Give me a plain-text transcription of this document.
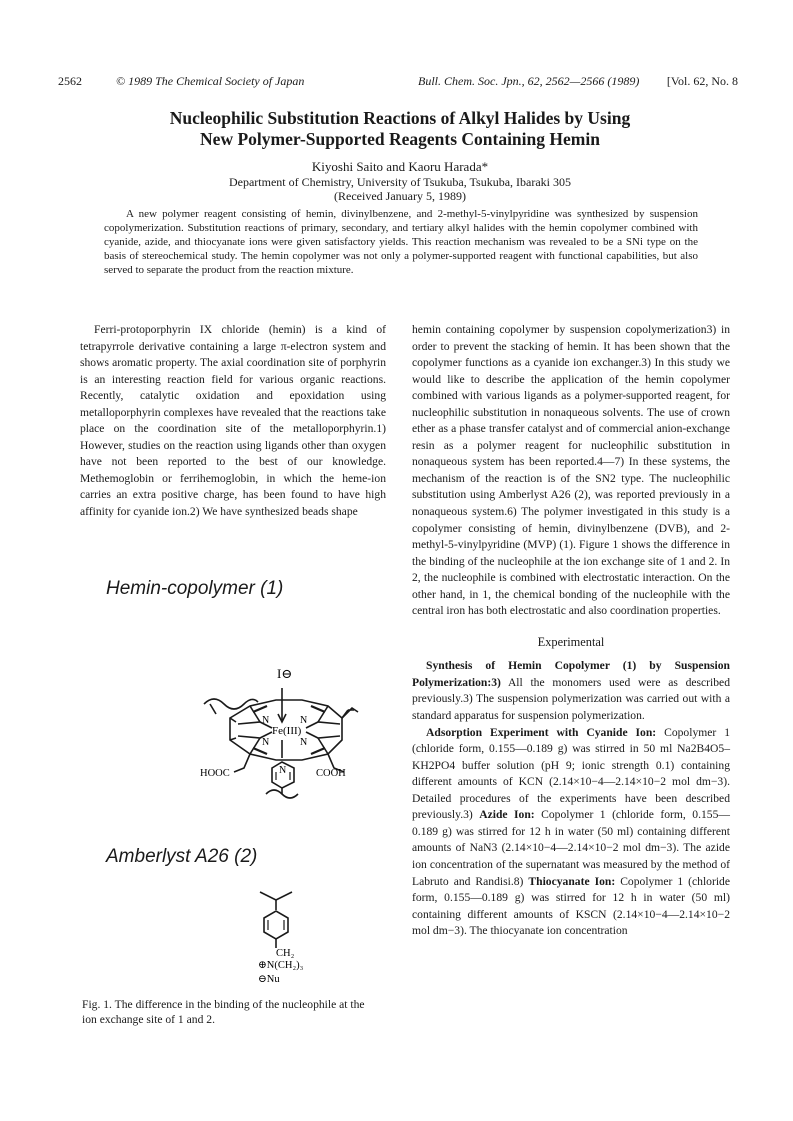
2562	© 1989 The Chemical Society of Japan	Bull. Chem. Soc. Jpn., 62, 2562—2566 (1989) [Vol. 62, No. 8
Nucleophilic Substitution Reactions of Alkyl Halides by Using
New Polymer-Supported Reagents Containing Hemin
Kiyoshi Saito and Kaoru Harada*
Department of Chemistry, University of Tsukuba, Tsukuba, Ibaraki 305
(Received January 5, 1989)
A new polymer reagent consisting of hemin, divinylbenzene, and 2-methyl-5-vinylpyridine was synthesized by suspension copolymerization. Substitution reactions of primary, secondary, and tertiary alkyl halides with the hemin copolymer combined with cyanide, azide, and thiocyanate ions were given satisfactory yields. This reaction mechanism was revealed to be a SNi type on the basis of stereochemical study. The hemin copolymer was not only a polymer-supported reagent with functional capabilities, but also served to separate the product from the reaction mixture.
Ferri-protoporphyrin IX chloride (hemin) is a kind of tetrapyrrole derivative containing a large π-electron system and shows aromatic property. The axial coordination site of porphyrin is an interesting reaction field for various organic reactions. Recently, catalytic oxidation and epoxidation using metalloporphyrin complexes have revealed that the reactions take place on the coordination site of the metalloporphyrin.1) However, studies on the reaction using ligands other than oxygen have not been reported to the best of our knowledge. Methemoglobin or ferrihemoglobin, in which the heme-ion carries an extra positive charge, has been found to have high affinity for cyanide ion.2) We have synthesized beads shape
Hemin-copolymer (1)
Amberlyst A26 (2)
I⊖
Fe(III)
N	N
N	N
N
HOOC	COOH
CH₂
⊕N(CH₂)₃
⊖Nu
Fig. 1. The difference in the binding of the nucleophile at the ion exchange site of 1 and 2.
hemin containing copolymer by suspension copolymerization3) in order to prevent the stacking of hemin. It has been shown that the copolymer functions as a cyanide ion exchanger.3) In this study we would like to describe the application of the hemin copolymer combined with various ligands as a polymer-supported reagent, for nucleophilic substitution in nonaqueous solvents. The use of crown ether as a phase transfer catalyst and of commercial anion-exchange resin as a polymer reagent for nucleophilic substitution in nonaqueous system has been reported.4—7) In these systems, the mechanism of the reaction is of the SN2 type. The nucleophilic substitution using Amberlyst A26 (2), was reported previously in a nonaqueous system.6) The polymer investigated in this study is a copolymer consisting of hemin, divinylbenzene (DVB), and 2-methyl-5-vinylpyridine (MVP) (1). Figure 1 shows the difference in the binding of the nucleophile at the ion exchange site of 1 and 2. In 2, the nucleophile is combined with electrostatic interaction. On the other hand, in 1, the chemical bonding of the nucleophile with the central iron has both electrostatic and also coordination properties.
Experimental
Synthesis of Hemin Copolymer (1) by Suspension Polymerization:3) All the monomers used were as described previously.3) The suspension polymerization was carried out with a standard apparatus for suspension polymerization.
Adsorption Experiment with Cyanide Ion: Copolymer 1 (chloride form, 0.155—0.189 g) was stirred in 50 ml Na2B4O5–KH2PO4 buffer solution (pH 9; ionic strength 0.1) containing different amounts of KCN (2.14×10−4—2.14×10−2 mol dm−3). Detailed procedures of the experiments have been described previously.3) Azide Ion: Copolymer 1 (chloride form, 0.155—0.189 g) was stirred for 12 h in water (50 ml) containing different amounts of NaN3 (2.14×10−4—2.14×10−2 mol dm−3). The azide ion concentration of the supernatant was measured by the method of Labruto and Randisi.8) Thiocyanate Ion: Copolymer 1 (chloride form, 0.155—0.189 g) was stirred for 12 h in water (50 ml) containing different amounts of KSCN (2.14×10−4—2.14×10−2 mol dm−3). The thiocyanate ion concentration
